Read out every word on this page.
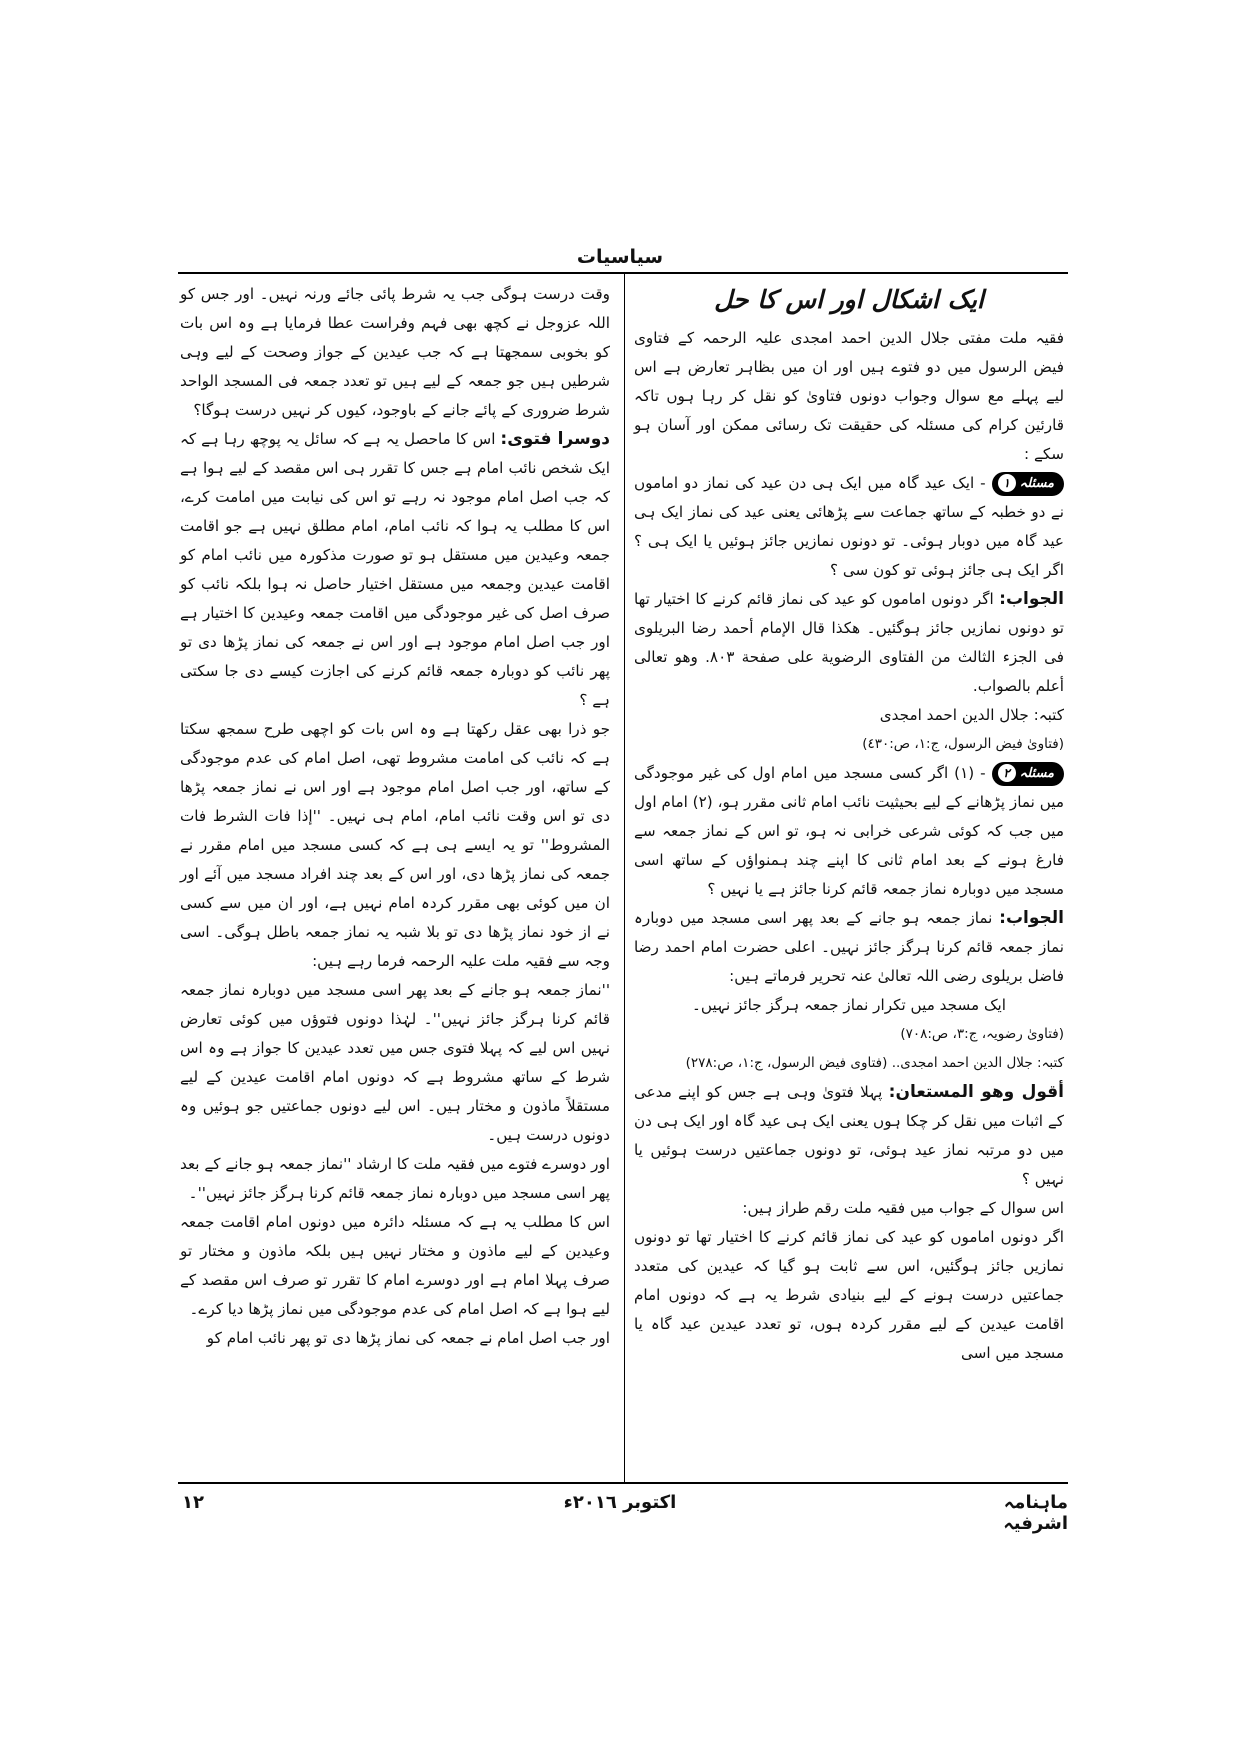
سیاسیات

ایک اشکال اور اس کا حل

فقیہ ملت مفتی جلال الدین احمد امجدی علیہ الرحمہ کے فتاوی فیض الرسول میں دو فتوے ہیں اور ان میں بظاہر تعارض ہے اس لیے پہلے مع سوال وجواب دونوں فتاویٰ کو نقل کر رہا ہوں تاکہ قارئین کرام کی مسئلہ کی حقیقت تک رسائی ممکن اور آسان ہو سکے :

مسئلہ١- ایک عید گاہ میں ایک ہی دن عید کی نماز دو اماموں نے دو خطبہ کے ساتھ جماعت سے پڑھائی یعنی عید کی نماز ایک ہی عید گاہ میں دوبار ہوئی۔ تو دونوں نمازیں جائز ہوئیں یا ایک ہی ؟ اگر ایک ہی جائز ہوئی تو کون سی ؟

الجواب: اگر دونوں اماموں کو عید کی نماز قائم کرنے کا اختیار تھا تو دونوں نمازیں جائز ہوگئیں۔ هكذا قال الإمام أحمد رضا البريلوی فی الجزء الثالث من الفتاوی الرضوية علی صفحة ٨٠٣. وهو تعالی أعلم بالصواب.

کتبہ: جلال الدین احمد امجدی

(فتاویٰ فیض الرسول، ج:١، ص:٤٣٠)

مسئلہ٢- (١) اگر کسی مسجد میں امام اول کی غیر موجودگی میں نماز پڑھانے کے لیے بحیثیت نائب امام ثانی مقرر ہو، (٢) امام اول میں جب کہ کوئی شرعی خرابی نہ ہو، تو اس کے نماز جمعہ سے فارغ ہونے کے بعد امام ثانی کا اپنے چند ہمنواؤں کے ساتھ اسی مسجد میں دوبارہ نماز جمعہ قائم کرنا جائز ہے یا نہیں ؟

الجواب: نماز جمعہ ہو جانے کے بعد پھر اسی مسجد میں دوبارہ نماز جمعہ قائم کرنا ہرگز جائز نہیں۔ اعلی حضرت امام احمد رضا فاضل بریلوی رضی اللہ تعالیٰ عنہ تحریر فرماتے ہیں:

ایک مسجد میں تکرار نماز جمعہ ہرگز جائز نہیں۔

(فتاویٰ رضویہ، ج:٣، ص:٧٠٨)

کتبہ: جلال الدین احمد امجدی.. (فتاوی فیض الرسول، ج:١، ص:٢٧٨)

أقول وهو المستعان: پہلا فتویٰ وہی ہے جس کو اپنے مدعی کے اثبات میں نقل کر چکا ہوں یعنی ایک ہی عید گاہ اور ایک ہی دن میں دو مرتبہ نماز عید ہوئی، تو دونوں جماعتیں درست ہوئیں یا نہیں ؟

اس سوال کے جواب میں فقیہ ملت رقم طراز ہیں:

اگر دونوں اماموں کو عید کی نماز قائم کرنے کا اختیار تھا تو دونوں نمازیں جائز ہوگئیں، اس سے ثابت ہو گیا کہ عیدین کی متعدد جماعتیں درست ہونے کے لیے بنیادی شرط یہ ہے کہ دونوں امام اقامت عیدین کے لیے مقرر کردہ ہوں، تو تعدد عیدین عید گاہ یا مسجد میں اسی

وقت درست ہوگی جب یہ شرط پائی جائے ورنہ نہیں۔ اور جس کو اللہ عزوجل نے کچھ بھی فہم وفراست عطا فرمایا ہے وہ اس بات کو بخوبی سمجھتا ہے کہ جب عیدین کے جواز وصحت کے لیے وہی شرطیں ہیں جو جمعہ کے لیے ہیں تو تعدد جمعہ فی المسجد الواحد شرط ضروری کے پائے جانے کے باوجود، کیوں کر نہیں درست ہوگا؟

دوسرا فتوی: اس کا ماحصل یہ ہے کہ سائل یہ پوچھ رہا ہے کہ ایک شخص نائب امام ہے جس کا تقرر ہی اس مقصد کے لیے ہوا ہے کہ جب اصل امام موجود نہ رہے تو اس کی نیابت میں امامت کرے، اس کا مطلب یہ ہوا کہ نائب امام، امام مطلق نہیں ہے جو اقامت جمعہ وعیدین میں مستقل ہو تو صورت مذکورہ میں نائب امام کو اقامت عیدین وجمعہ میں مستقل اختیار حاصل نہ ہوا بلکہ نائب کو صرف اصل کی غیر موجودگی میں اقامت جمعہ وعیدین کا اختیار ہے اور جب اصل امام موجود ہے اور اس نے جمعہ کی نماز پڑھا دی تو پھر نائب کو دوبارہ جمعہ قائم کرنے کی اجازت کیسے دی جا سکتی ہے ؟

جو ذرا بھی عقل رکھتا ہے وہ اس بات کو اچھی طرح سمجھ سکتا ہے کہ نائب کی امامت مشروط تھی، اصل امام کی عدم موجودگی کے ساتھ، اور جب اصل امام موجود ہے اور اس نے نماز جمعہ پڑھا دی تو اس وقت نائب امام، امام ہی نہیں۔ ''إذا فات الشرط فات المشروط'' تو یہ ایسے ہی ہے کہ کسی مسجد میں امام مقرر نے جمعہ کی نماز پڑھا دی، اور اس کے بعد چند افراد مسجد میں آئے اور ان میں کوئی بھی مقرر کردہ امام نہیں ہے، اور ان میں سے کسی نے از خود نماز پڑھا دی تو بلا شبہ یہ نماز جمعہ باطل ہوگی۔ اسی وجہ سے فقیہ ملت علیہ الرحمہ فرما رہے ہیں:

''نماز جمعہ ہو جانے کے بعد پھر اسی مسجد میں دوبارہ نماز جمعہ قائم کرنا ہرگز جائز نہیں''۔ لہٰذا دونوں فتوؤں میں کوئی تعارض نہیں اس لیے کہ پہلا فتوی جس میں تعدد عیدین کا جواز ہے وہ اس شرط کے ساتھ مشروط ہے کہ دونوں امام اقامت عیدین کے لیے مستقلاً ماذون و مختار ہیں۔ اس لیے دونوں جماعتیں جو ہوئیں وہ دونوں درست ہیں۔

اور دوسرے فتوے میں فقیہ ملت کا ارشاد ''نماز جمعہ ہو جانے کے بعد پھر اسی مسجد میں دوبارہ نماز جمعہ قائم کرنا ہرگز جائز نہیں''۔

اس کا مطلب یہ ہے کہ مسئلہ دائرہ میں دونوں امام اقامت جمعہ وعیدین کے لیے ماذون و مختار نہیں ہیں بلکہ ماذون و مختار تو صرف پہلا امام ہے اور دوسرے امام کا تقرر تو صرف اس مقصد کے لیے ہوا ہے کہ اصل امام کی عدم موجودگی میں نماز پڑھا دیا کرے۔

اور جب اصل امام نے جمعہ کی نماز پڑھا دی تو پھر نائب امام کو

ماہنامہ اشرفیہ
اکتوبر ٢٠١٦ء
١٢
